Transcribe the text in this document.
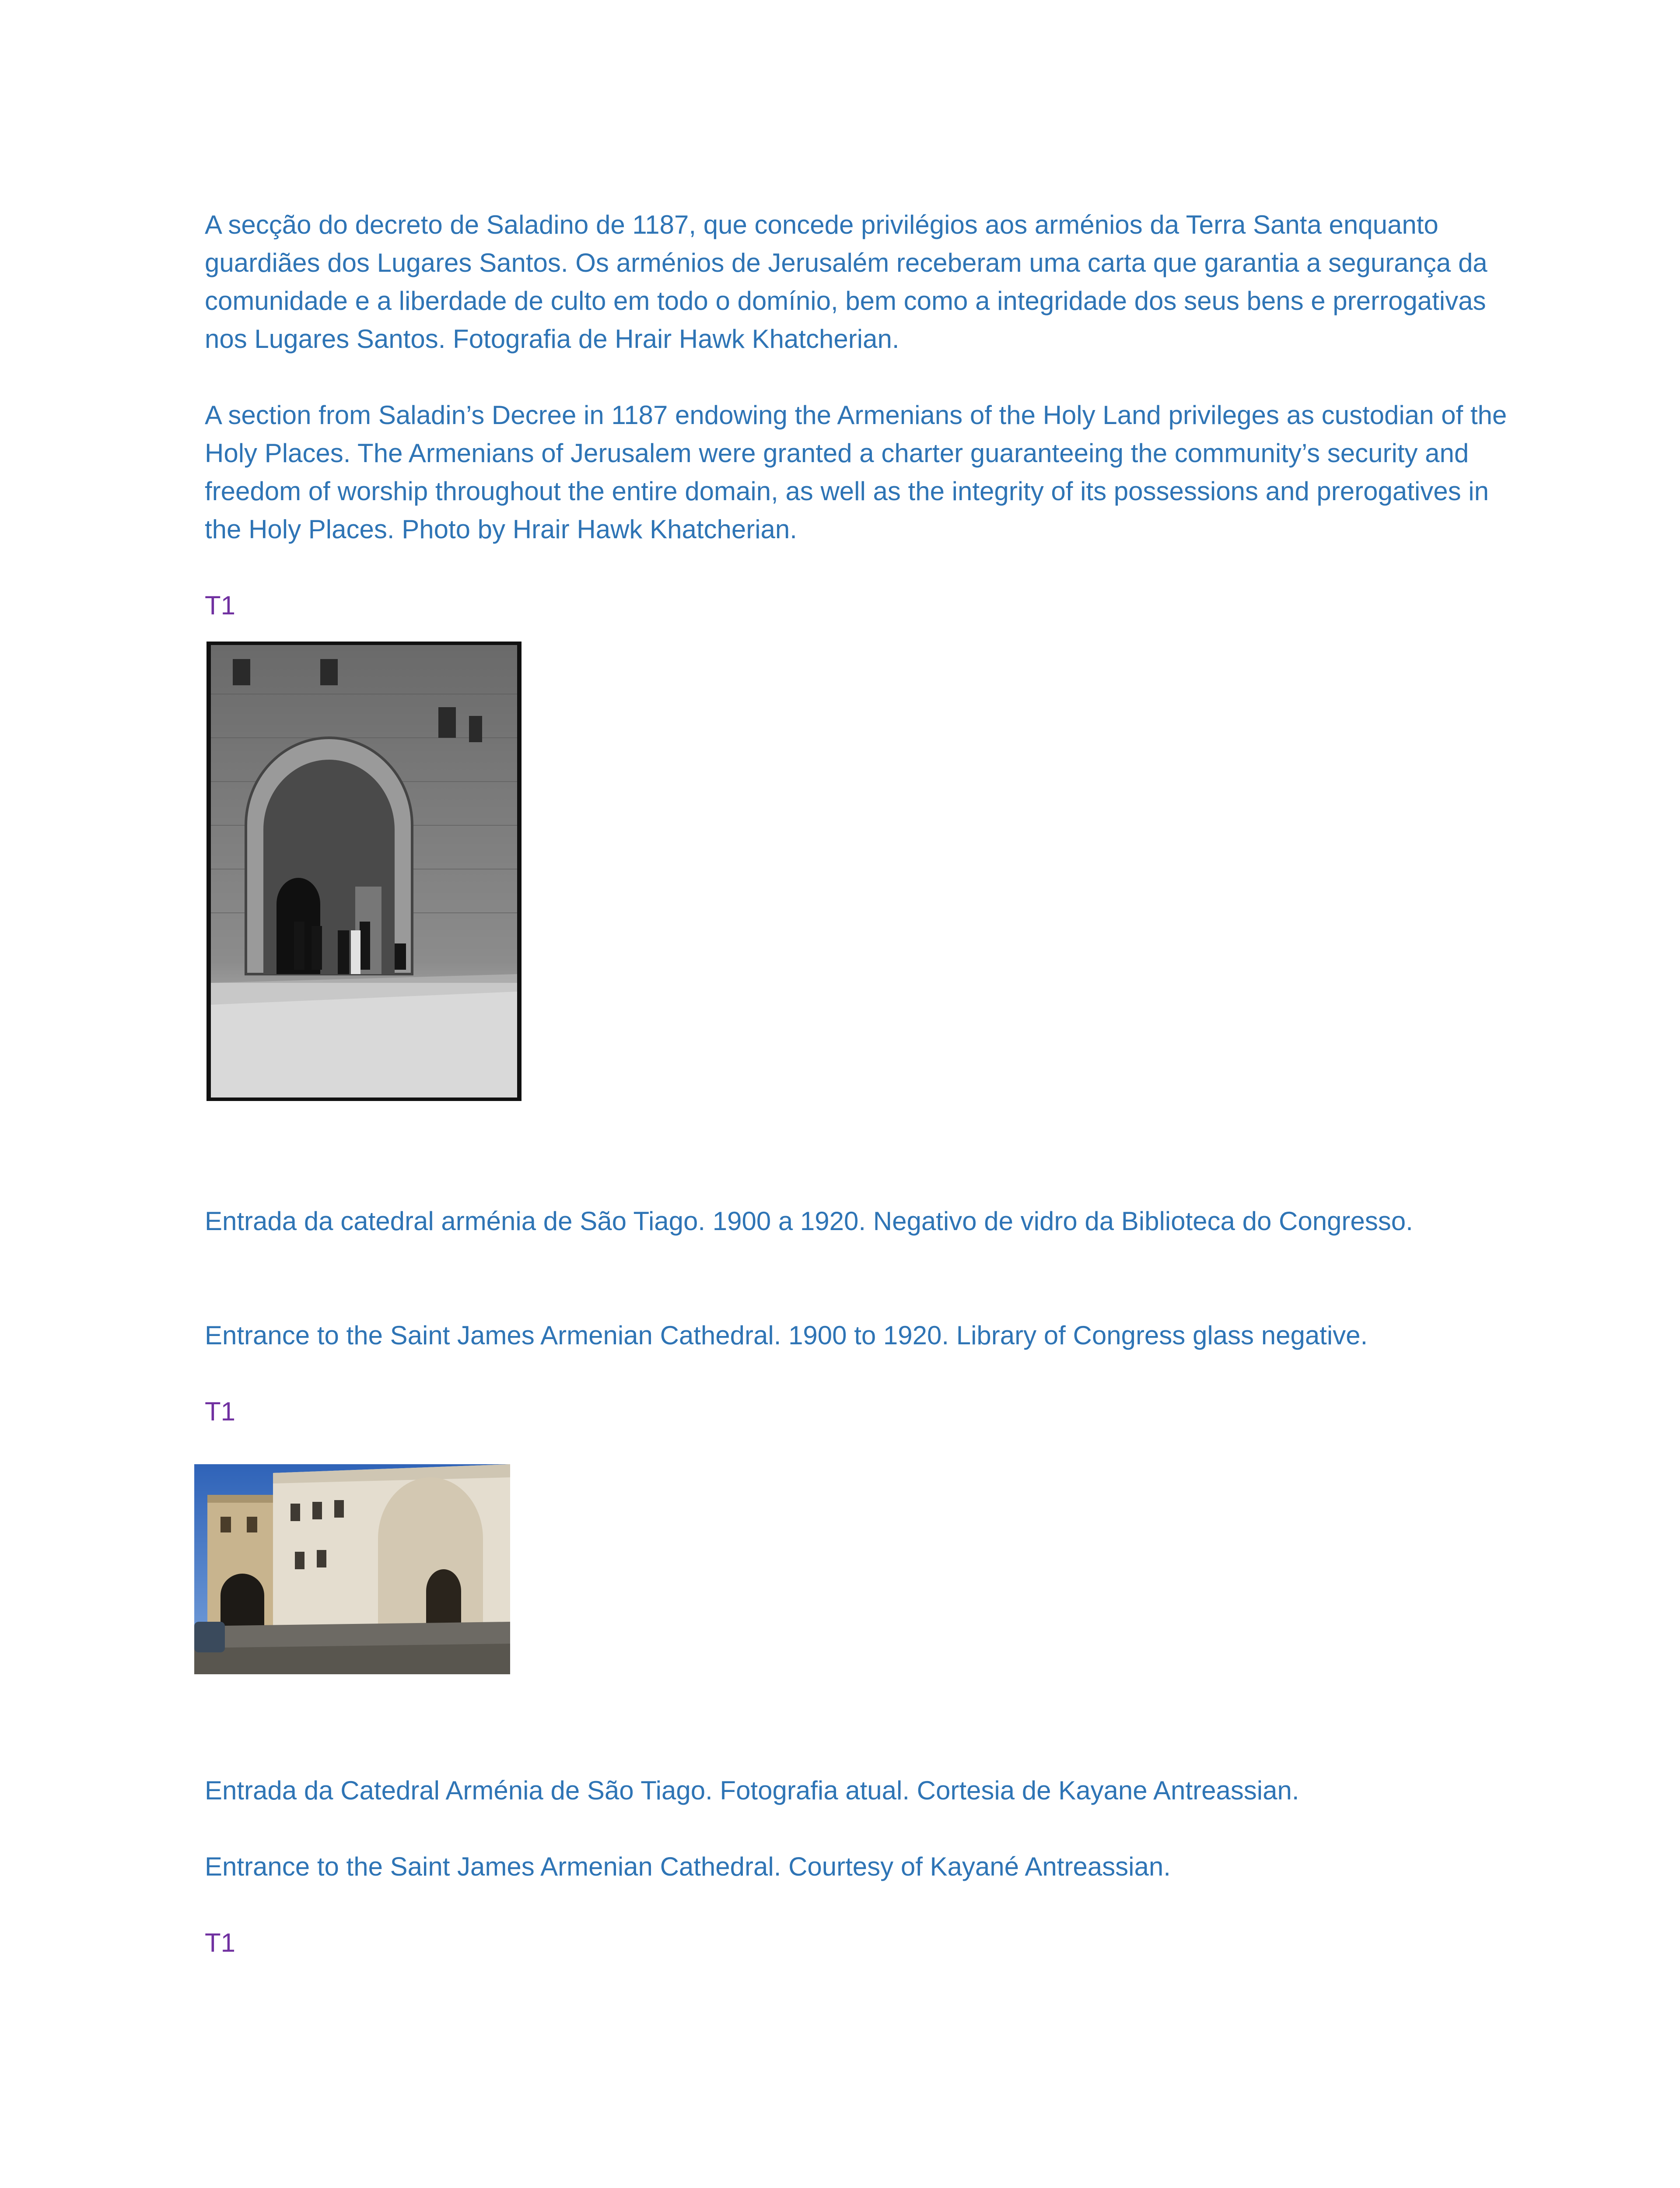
A secção do decreto de Saladino de 1187, que concede privilégios aos arménios da Terra Santa enquanto guardiães dos Lugares Santos. Os arménios de Jerusalém receberam uma carta que garantia a segurança da comunidade e a liberdade de culto em todo o domínio, bem como a integridade dos seus bens e prerrogativas nos Lugares Santos. Fotografia de Hrair Hawk Khatcherian.

A section from Saladin’s Decree in 1187 endowing the Armenians of the Holy Land privileges as custodian of the Holy Places. The Armenians of Jerusalem were granted a charter guaranteeing the community’s security and freedom of worship throughout the entire domain, as well as the integrity of its possessions and prerogatives in the Holy Places. Photo by Hrair Hawk Khatcherian.

T1

Entrada da catedral arménia de São Tiago. 1900 a 1920. Negativo de vidro da Biblioteca do Congresso.

Entrance to the Saint James Armenian Cathedral. 1900 to 1920. Library of Congress glass negative.

T1

Entrada da Catedral Arménia de São Tiago. Fotografia atual. Cortesia de Kayane Antreassian.

Entrance to the Saint James Armenian Cathedral. Courtesy of Kayané Antreassian.

T1
